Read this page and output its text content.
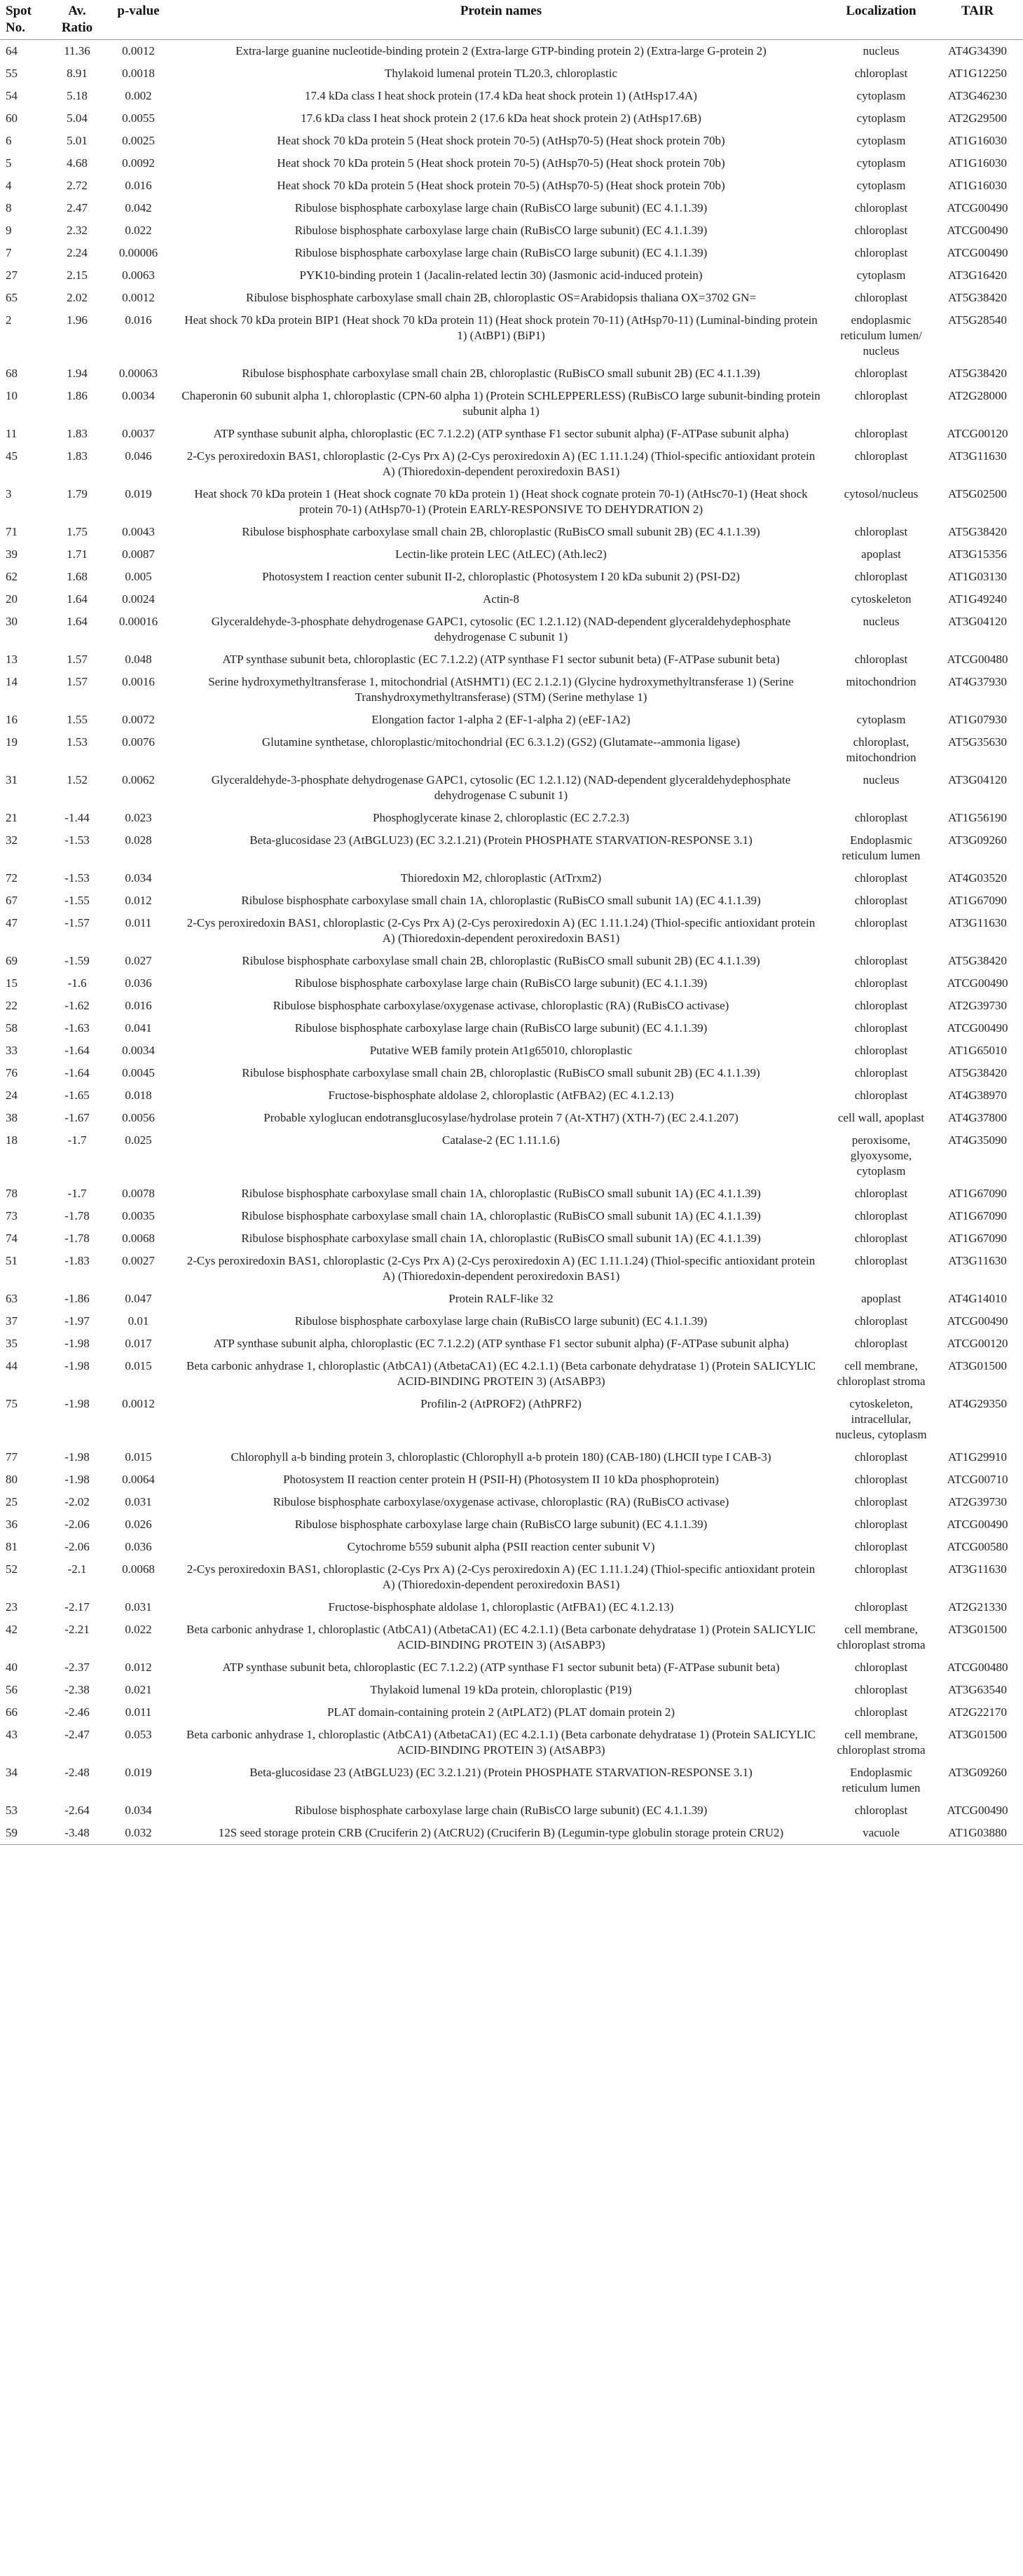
Spot No.	Av. Ratio	p-value	Protein names	Localization	TAIR
64	11.36	0.0012	Extra-large guanine nucleotide-binding protein 2 (Extra-large GTP-binding protein 2) (Extra-large G-protein 2)	nucleus	AT4G34390
55	8.91	0.0018	Thylakoid lumenal protein TL20.3, chloroplastic	chloroplast	AT1G12250
54	5.18	0.002	17.4 kDa class I heat shock protein (17.4 kDa heat shock protein 1) (AtHsp17.4A)	cytoplasm	AT3G46230
60	5.04	0.0055	17.6 kDa class I heat shock protein 2 (17.6 kDa heat shock protein 2) (AtHsp17.6B)	cytoplasm	AT2G29500
6	5.01	0.0025	Heat shock 70 kDa protein 5 (Heat shock protein 70-5) (AtHsp70-5) (Heat shock protein 70b)	cytoplasm	AT1G16030
5	4.68	0.0092	Heat shock 70 kDa protein 5 (Heat shock protein 70-5) (AtHsp70-5) (Heat shock protein 70b)	cytoplasm	AT1G16030
4	2.72	0.016	Heat shock 70 kDa protein 5 (Heat shock protein 70-5) (AtHsp70-5) (Heat shock protein 70b)	cytoplasm	AT1G16030
8	2.47	0.042	Ribulose bisphosphate carboxylase large chain (RuBisCO large subunit) (EC 4.1.1.39)	chloroplast	ATCG00490
9	2.32	0.022	Ribulose bisphosphate carboxylase large chain (RuBisCO large subunit) (EC 4.1.1.39)	chloroplast	ATCG00490
7	2.24	0.00006	Ribulose bisphosphate carboxylase large chain (RuBisCO large subunit) (EC 4.1.1.39)	chloroplast	ATCG00490
27	2.15	0.0063	PYK10-binding protein 1 (Jacalin-related lectin 30) (Jasmonic acid-induced protein)	cytoplasm	AT3G16420
65	2.02	0.0012	Ribulose bisphosphate carboxylase small chain 2B, chloroplastic OS=Arabidopsis thaliana OX=3702 GN=	chloroplast	AT5G38420
2	1.96	0.016	Heat shock 70 kDa protein BIP1 (Heat shock 70 kDa protein 11) (Heat shock protein 70-11) (AtHsp70-11) (Luminal-binding protein 1) (AtBP1) (BiP1)	endoplasmic reticulum lumen/ nucleus	AT5G28540
68	1.94	0.00063	Ribulose bisphosphate carboxylase small chain 2B, chloroplastic (RuBisCO small subunit 2B) (EC 4.1.1.39)	chloroplast	AT5G38420
10	1.86	0.0034	Chaperonin 60 subunit alpha 1, chloroplastic (CPN-60 alpha 1) (Protein SCHLEPPERLESS) (RuBisCO large subunit-binding protein subunit alpha 1)	chloroplast	AT2G28000
11	1.83	0.0037	ATP synthase subunit alpha, chloroplastic (EC 7.1.2.2) (ATP synthase F1 sector subunit alpha) (F-ATPase subunit alpha)	chloroplast	ATCG00120
45	1.83	0.046	2-Cys peroxiredoxin BAS1, chloroplastic (2-Cys Prx A) (2-Cys peroxiredoxin A) (EC 1.11.1.24) (Thiol-specific antioxidant protein A) (Thioredoxin-dependent peroxiredoxin BAS1)	chloroplast	AT3G11630
3	1.79	0.019	Heat shock 70 kDa protein 1 (Heat shock cognate 70 kDa protein 1) (Heat shock cognate protein 70-1) (AtHsc70-1) (Heat shock protein 70-1) (AtHsp70-1) (Protein EARLY-RESPONSIVE TO DEHYDRATION 2)	cytosol/nucleus	AT5G02500
71	1.75	0.0043	Ribulose bisphosphate carboxylase small chain 2B, chloroplastic (RuBisCO small subunit 2B) (EC 4.1.1.39)	chloroplast	AT5G38420
39	1.71	0.0087	Lectin-like protein LEC (AtLEC) (Ath.lec2)	apoplast	AT3G15356
62	1.68	0.005	Photosystem I reaction center subunit II-2, chloroplastic (Photosystem I 20 kDa subunit 2) (PSI-D2)	chloroplast	AT1G03130
20	1.64	0.0024	Actin-8	cytoskeleton	AT1G49240
30	1.64	0.00016	Glyceraldehyde-3-phosphate dehydrogenase GAPC1, cytosolic (EC 1.2.1.12) (NAD-dependent glyceraldehydephosphate dehydrogenase C subunit 1)	nucleus	AT3G04120
13	1.57	0.048	ATP synthase subunit beta, chloroplastic (EC 7.1.2.2) (ATP synthase F1 sector subunit beta) (F-ATPase subunit beta)	chloroplast	ATCG00480
14	1.57	0.0016	Serine hydroxymethyltransferase 1, mitochondrial (AtSHMT1) (EC 2.1.2.1) (Glycine hydroxymethyltransferase 1) (Serine Transhydroxymethyltransferase) (STM) (Serine methylase 1)	mitochondrion	AT4G37930
16	1.55	0.0072	Elongation factor 1-alpha 2 (EF-1-alpha 2) (eEF-1A2)	cytoplasm	AT1G07930
19	1.53	0.0076	Glutamine synthetase, chloroplastic/mitochondrial (EC 6.3.1.2) (GS2) (Glutamate--ammonia ligase)	chloroplast, mitochondrion	AT5G35630
31	1.52	0.0062	Glyceraldehyde-3-phosphate dehydrogenase GAPC1, cytosolic (EC 1.2.1.12) (NAD-dependent glyceraldehydephosphate dehydrogenase C subunit 1)	nucleus	AT3G04120
21	-1.44	0.023	Phosphoglycerate kinase 2, chloroplastic (EC 2.7.2.3)	chloroplast	AT1G56190
32	-1.53	0.028	Beta-glucosidase 23 (AtBGLU23) (EC 3.2.1.21) (Protein PHOSPHATE STARVATION-RESPONSE 3.1)	Endoplasmic reticulum lumen	AT3G09260
72	-1.53	0.034	Thioredoxin M2, chloroplastic (AtTrxm2)	chloroplast	AT4G03520
67	-1.55	0.012	Ribulose bisphosphate carboxylase small chain 1A, chloroplastic (RuBisCO small subunit 1A) (EC 4.1.1.39)	chloroplast	AT1G67090
47	-1.57	0.011	2-Cys peroxiredoxin BAS1, chloroplastic (2-Cys Prx A) (2-Cys peroxiredoxin A) (EC 1.11.1.24) (Thiol-specific antioxidant protein A) (Thioredoxin-dependent peroxiredoxin BAS1)	chloroplast	AT3G11630
69	-1.59	0.027	Ribulose bisphosphate carboxylase small chain 2B, chloroplastic (RuBisCO small subunit 2B) (EC 4.1.1.39)	chloroplast	AT5G38420
15	-1.6	0.036	Ribulose bisphosphate carboxylase large chain (RuBisCO large subunit) (EC 4.1.1.39)	chloroplast	ATCG00490
22	-1.62	0.016	Ribulose bisphosphate carboxylase/oxygenase activase, chloroplastic (RA) (RuBisCO activase)	chloroplast	AT2G39730
58	-1.63	0.041	Ribulose bisphosphate carboxylase large chain (RuBisCO large subunit) (EC 4.1.1.39)	chloroplast	ATCG00490
33	-1.64	0.0034	Putative WEB family protein At1g65010, chloroplastic	chloroplast	AT1G65010
76	-1.64	0.0045	Ribulose bisphosphate carboxylase small chain 2B, chloroplastic (RuBisCO small subunit 2B) (EC 4.1.1.39)	chloroplast	AT5G38420
24	-1.65	0.018	Fructose-bisphosphate aldolase 2, chloroplastic (AtFBA2) (EC 4.1.2.13)	chloroplast	AT4G38970
38	-1.67	0.0056	Probable xyloglucan endotransglucosylase/hydrolase protein 7 (At-XTH7) (XTH-7) (EC 2.4.1.207)	cell wall, apoplast	AT4G37800
18	-1.7	0.025	Catalase-2 (EC 1.11.1.6)	peroxisome, glyoxysome, cytoplasm	AT4G35090
78	-1.7	0.0078	Ribulose bisphosphate carboxylase small chain 1A, chloroplastic (RuBisCO small subunit 1A) (EC 4.1.1.39)	chloroplast	AT1G67090
73	-1.78	0.0035	Ribulose bisphosphate carboxylase small chain 1A, chloroplastic (RuBisCO small subunit 1A) (EC 4.1.1.39)	chloroplast	AT1G67090
74	-1.78	0.0068	Ribulose bisphosphate carboxylase small chain 1A, chloroplastic (RuBisCO small subunit 1A) (EC 4.1.1.39)	chloroplast	AT1G67090
51	-1.83	0.0027	2-Cys peroxiredoxin BAS1, chloroplastic (2-Cys Prx A) (2-Cys peroxiredoxin A) (EC 1.11.1.24) (Thiol-specific antioxidant protein A) (Thioredoxin-dependent peroxiredoxin BAS1)	chloroplast	AT3G11630
63	-1.86	0.047	Protein RALF-like 32	apoplast	AT4G14010
37	-1.97	0.01	Ribulose bisphosphate carboxylase large chain (RuBisCO large subunit) (EC 4.1.1.39)	chloroplast	ATCG00490
35	-1.98	0.017	ATP synthase subunit alpha, chloroplastic (EC 7.1.2.2) (ATP synthase F1 sector subunit alpha) (F-ATPase subunit alpha)	chloroplast	ATCG00120
44	-1.98	0.015	Beta carbonic anhydrase 1, chloroplastic (AtbCA1) (AtbetaCA1) (EC 4.2.1.1) (Beta carbonate dehydratase 1) (Protein SALICYLIC ACID-BINDING PROTEIN 3) (AtSABP3)	cell membrane, chloroplast stroma	AT3G01500
75	-1.98	0.0012	Profilin-2 (AtPROF2) (AthPRF2)	cytoskeleton, intracellular, nucleus, cytoplasm	AT4G29350
77	-1.98	0.015	Chlorophyll a-b binding protein 3, chloroplastic (Chlorophyll a-b protein 180) (CAB-180) (LHCII type I CAB-3)	chloroplast	AT1G29910
80	-1.98	0.0064	Photosystem II reaction center protein H (PSII-H) (Photosystem II 10 kDa phosphoprotein)	chloroplast	ATCG00710
25	-2.02	0.031	Ribulose bisphosphate carboxylase/oxygenase activase, chloroplastic (RA) (RuBisCO activase)	chloroplast	AT2G39730
36	-2.06	0.026	Ribulose bisphosphate carboxylase large chain (RuBisCO large subunit) (EC 4.1.1.39)	chloroplast	ATCG00490
81	-2.06	0.036	Cytochrome b559 subunit alpha (PSII reaction center subunit V)	chloroplast	ATCG00580
52	-2.1	0.0068	2-Cys peroxiredoxin BAS1, chloroplastic (2-Cys Prx A) (2-Cys peroxiredoxin A) (EC 1.11.1.24) (Thiol-specific antioxidant protein A) (Thioredoxin-dependent peroxiredoxin BAS1)	chloroplast	AT3G11630
23	-2.17	0.031	Fructose-bisphosphate aldolase 1, chloroplastic (AtFBA1) (EC 4.1.2.13)	chloroplast	AT2G21330
42	-2.21	0.022	Beta carbonic anhydrase 1, chloroplastic (AtbCA1) (AtbetaCA1) (EC 4.2.1.1) (Beta carbonate dehydratase 1) (Protein SALICYLIC ACID-BINDING PROTEIN 3) (AtSABP3)	cell membrane, chloroplast stroma	AT3G01500
40	-2.37	0.012	ATP synthase subunit beta, chloroplastic (EC 7.1.2.2) (ATP synthase F1 sector subunit beta) (F-ATPase subunit beta)	chloroplast	ATCG00480
56	-2.38	0.021	Thylakoid lumenal 19 kDa protein, chloroplastic (P19)	chloroplast	AT3G63540
66	-2.46	0.011	PLAT domain-containing protein 2 (AtPLAT2) (PLAT domain protein 2)	chloroplast	AT2G22170
43	-2.47	0.053	Beta carbonic anhydrase 1, chloroplastic (AtbCA1) (AtbetaCA1) (EC 4.2.1.1) (Beta carbonate dehydratase 1) (Protein SALICYLIC ACID-BINDING PROTEIN 3) (AtSABP3)	cell membrane, chloroplast stroma	AT3G01500
34	-2.48	0.019	Beta-glucosidase 23 (AtBGLU23) (EC 3.2.1.21) (Protein PHOSPHATE STARVATION-RESPONSE 3.1)	Endoplasmic reticulum lumen	AT3G09260
53	-2.64	0.034	Ribulose bisphosphate carboxylase large chain (RuBisCO large subunit) (EC 4.1.1.39)	chloroplast	ATCG00490
59	-3.48	0.032	12S seed storage protein CRB (Cruciferin 2) (AtCRU2) (Cruciferin B) (Legumin-type globulin storage protein CRU2)	vacuole	AT1G03880
